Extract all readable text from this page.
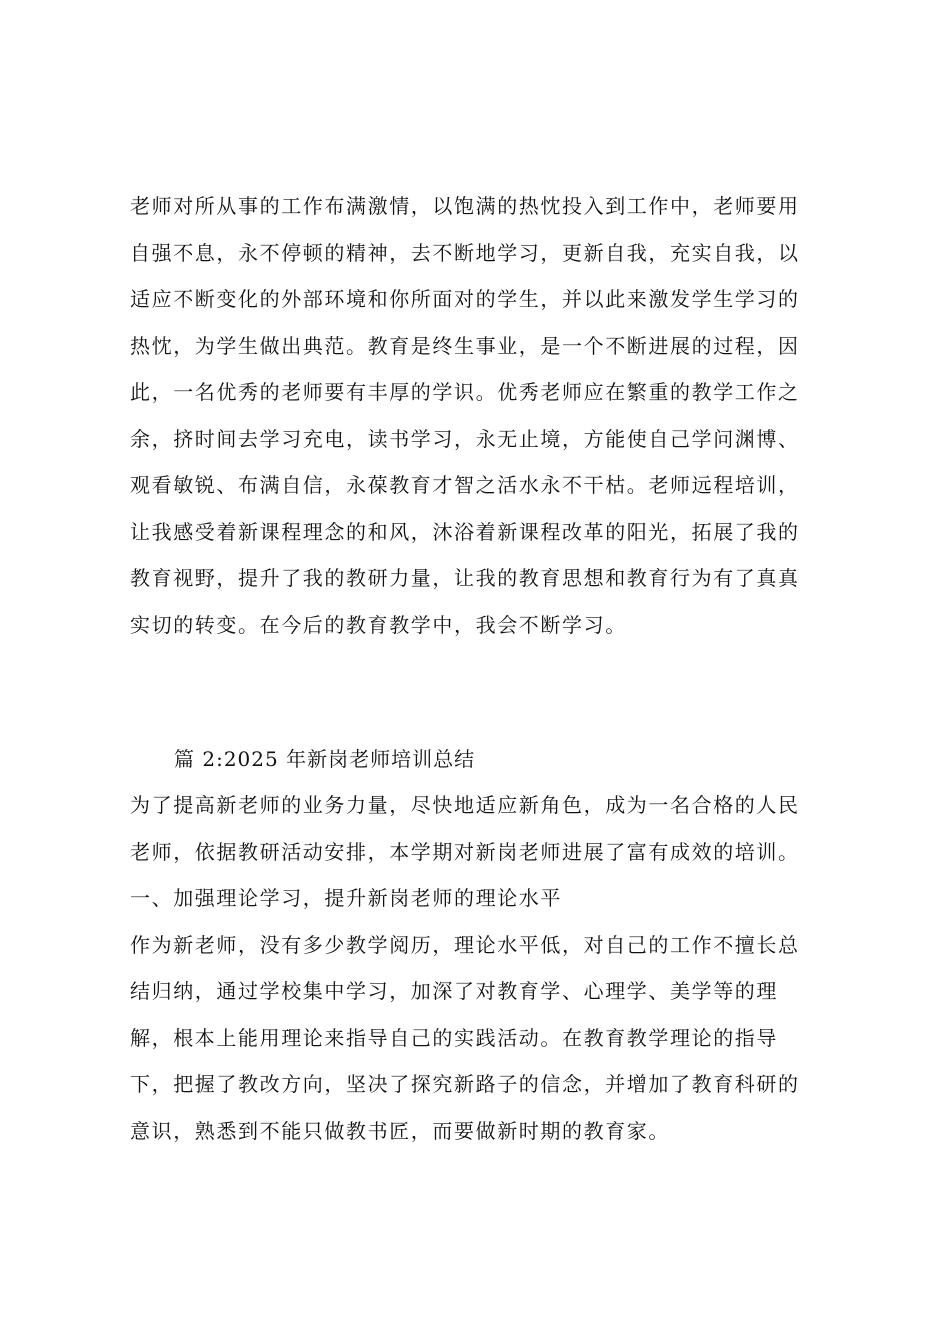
老师对所从事的工作布满激情，以饱满的热忱投入到工作中，老师要用
自强不息，永不停顿的精神，去不断地学习，更新自我，充实自我，以
适应不断变化的外部环境和你所面对的学生，并以此来激发学生学习的
热忱，为学生做出典范。教育是终生事业，是一个不断进展的过程，因
此，一名优秀的老师要有丰厚的学识。优秀老师应在繁重的教学工作之
余，挤时间去学习充电，读书学习，永无止境，方能使自己学问渊博、
观看敏锐、布满自信，永葆教育才智之活水永不干枯。老师远程培训，
让我感受着新课程理念的和风，沐浴着新课程改革的阳光，拓展了我的
教育视野，提升了我的教研力量，让我的教育思想和教育行为有了真真
实切的转变。在今后的教育教学中，我会不断学习。
篇 2:2025 年新岗老师培训总结
为了提高新老师的业务力量，尽快地适应新角色，成为一名合格的人民
老师，依据教研活动安排，本学期对新岗老师进展了富有成效的培训。
一、加强理论学习，提升新岗老师的理论水平
作为新老师，没有多少教学阅历，理论水平低，对自己的工作不擅长总
结归纳，通过学校集中学习，加深了对教育学、心理学、美学等的理
解，根本上能用理论来指导自己的实践活动。在教育教学理论的指导
下，把握了教改方向，坚决了探究新路子的信念，并增加了教育科研的
意识，熟悉到不能只做教书匠，而要做新时期的教育家。
